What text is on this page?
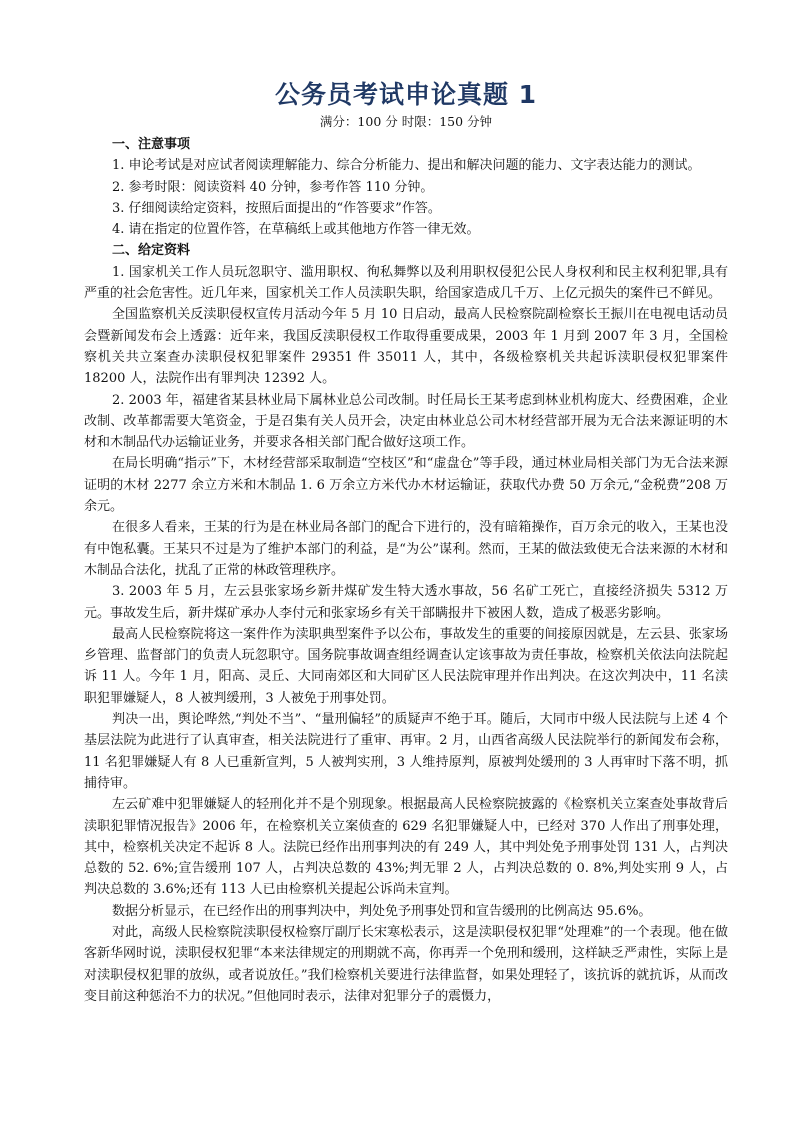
公务员考试申论真题 1

满分：100 分 时限：150 分钟

一、注意事项

1. 申论考试是对应试者阅读理解能力、综合分析能力、提出和解决问题的能力、文字表达能力的测试。

2. 参考时限：阅读资料 40 分钟，参考作答 110 分钟。

3. 仔细阅读给定资料，按照后面提出的“作答要求”作答。

4. 请在指定的位置作答，在草稿纸上或其他地方作答一律无效。

二、给定资料

1. 国家机关工作人员玩忽职守、滥用职权、徇私舞弊以及利用职权侵犯公民人身权利和民主权利犯罪,具有严重的社会危害性。近几年来，国家机关工作人员渎职失职，给国家造成几千万、上亿元损失的案件已不鲜见。

全国监察机关反渎职侵权宣传月活动今年 5 月 10 日启动，最高人民检察院副检察长王振川在电视电话动员会暨新闻发布会上透露：近年来，我国反渎职侵权工作取得重要成果，2003 年 1 月到 2007 年 3 月，全国检察机关共立案查办渎职侵权犯罪案件 29351 件 35011 人，其中，各级检察机关共起诉渎职侵权犯罪案件 18200 人，法院作出有罪判决 12392 人。

2. 2003 年，福建省某县林业局下属林业总公司改制。时任局长王某考虑到林业机构庞大、经费困难，企业改制、改革都需要大笔资金，于是召集有关人员开会，决定由林业总公司木材经营部开展为无合法来源证明的木材和木制品代办运输证业务，并要求各相关部门配合做好这项工作。

在局长明确“指示”下，木材经营部采取制造“空枝区”和“虚盘仓”等手段，通过林业局相关部门为无合法来源证明的木材 2277 余立方米和木制品 1. 6 万余立方米代办木材运输证，获取代办费 50 万余元,“金税费”208 万余元。

在很多人看来，王某的行为是在林业局各部门的配合下进行的，没有暗箱操作，百万余元的收入，王某也没有中饱私囊。王某只不过是为了维护本部门的利益，是“为公”谋利。然而，王某的做法致使无合法来源的木材和木制品合法化，扰乱了正常的林政管理秩序。

3. 2003 年 5 月，左云县张家场乡新井煤矿发生特大透水事故，56 名矿工死亡，直接经济损失 5312 万元。事故发生后，新井煤矿承办人李付元和张家场乡有关干部瞒报井下被困人数，造成了极恶劣影响。

最高人民检察院将这一案件作为渎职典型案件予以公布，事故发生的重要的间接原因就是，左云县、张家场乡管理、监督部门的负责人玩忽职守。国务院事故调查组经调查认定该事故为责任事故，检察机关依法向法院起诉 11 人。今年 1 月，阳高、灵丘、大同南郊区和大同矿区人民法院审理并作出判决。在这次判决中，11 名渎职犯罪嫌疑人，8 人被判缓刑，3 人被免于刑事处罚。

判决一出，舆论哗然,“判处不当”、“量刑偏轻”的质疑声不绝于耳。随后，大同市中级人民法院与上述 4 个基层法院为此进行了认真审查，相关法院进行了重审、再审。2 月，山西省高级人民法院举行的新闻发布会称，11 名犯罪嫌疑人有 8 人已重新宣判，5 人被判实刑，3 人维持原判，原被判处缓刑的 3 人再审时下落不明，抓捕待审。

左云矿难中犯罪嫌疑人的轻刑化并不是个别现象。根据最高人民检察院披露的《检察机关立案查处事故背后渎职犯罪情况报告》2006 年，在检察机关立案侦查的 629 名犯罪嫌疑人中，已经对 370 人作出了刑事处理，其中，检察机关决定不起诉 8 人。法院已经作出刑事判决的有 249 人，其中判处免予刑事处罚 131 人，占判决总数的 52. 6%;宣告缓刑 107 人，占判决总数的 43%;判无罪 2 人，占判决总数的 0. 8%,判处实刑 9 人，占判决总数的 3.6%;还有 113 人已由检察机关提起公诉尚未宣判。

数据分析显示，在已经作出的刑事判决中，判处免予刑事处罚和宣告缓刑的比例高达 95.6%。

对此，高级人民检察院渎职侵权检察厅副厅长宋寒松表示，这是渎职侵权犯罪“处理难”的一个表现。他在做客新华网时说，渎职侵权犯罪“本来法律规定的刑期就不高，你再弄一个免刑和缓刑，这样缺乏严肃性，实际上是对渎职侵权犯罪的放纵，或者说放任。”我们检察机关要进行法律监督，如果处理轻了，该抗诉的就抗诉，从而改变目前这种惩治不力的状况。”但他同时表示，法律对犯罪分子的震慑力，
